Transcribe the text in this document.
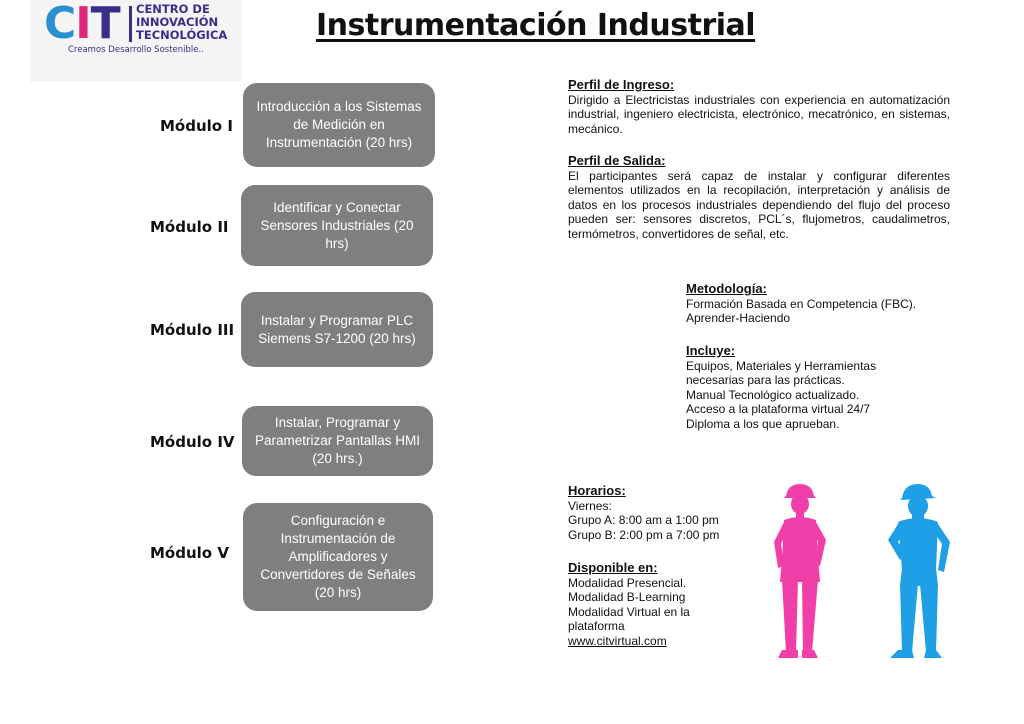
CIT CENTRO DE
INNOVACIÓN
TECNOLÓGICA
Creamos Desarrollo Sostenible..
Instrumentación Industrial
Módulo I
Introducción a los Sistemas de Medición en Instrumentación (20 hrs)
Módulo II
Identificar y Conectar Sensores Industriales (20 hrs)
Módulo III
Instalar y Programar PLC Siemens S7-1200 (20 hrs)
Módulo IV
Instalar, Programar y Parametrizar Pantallas HMI (20 hrs.)
Módulo V
Configuración e Instrumentación de Amplificadores y Convertidores de Señales (20 hrs)
Perfil de Ingreso:
Dirigido a Electricistas industriales con experiencia en automatización industrial, ingeniero electricista, electrónico, mecatrónico, en sistemas, mecánico.
Perfil de Salida:
El participantes será capaz de instalar y configurar diferentes elementos utilizados en la recopilación, interpretación y análisis de datos en los procesos industriales dependiendo del flujo del proceso pueden ser: sensores discretos, PCL´s, flujometros, caudalimetros, termómetros, convertidores de señal, etc.
Metodología:
Formación Basada en Competencia (FBC).
Aprender-Haciendo
Incluye:
Equipos, Materiales y Herramientas
necesarias para las prácticas.
Manual Tecnológico actualizado.
Acceso a la plataforma virtual 24/7
Diploma a los que aprueban.
Horarios:
Viernes:
Grupo A: 8:00 am a 1:00 pm
Grupo B: 2:00 pm a 7:00 pm
Disponible en:
Modalidad Presencial.
Modalidad B-Learning
Modalidad Virtual en la
plataforma
www.citvirtual.com
